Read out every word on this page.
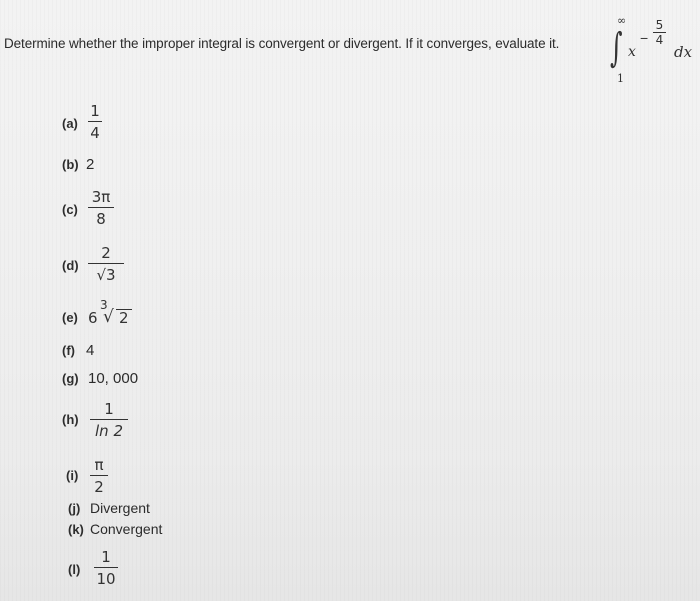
Determine whether the improper integral is convergent or divergent. If it converges, evaluate it.
∞
∫
1
x
−
5
4
dx
(a)
1
4
(b) 2
(c)
3π
8
(d)
2
√3
(e) 6
3
√ 2
(f) 4
(g) 10, 000
(h)
1
ln 2
(i)
π
2
(j) Divergent
(k) Convergent
(l)
1
10
